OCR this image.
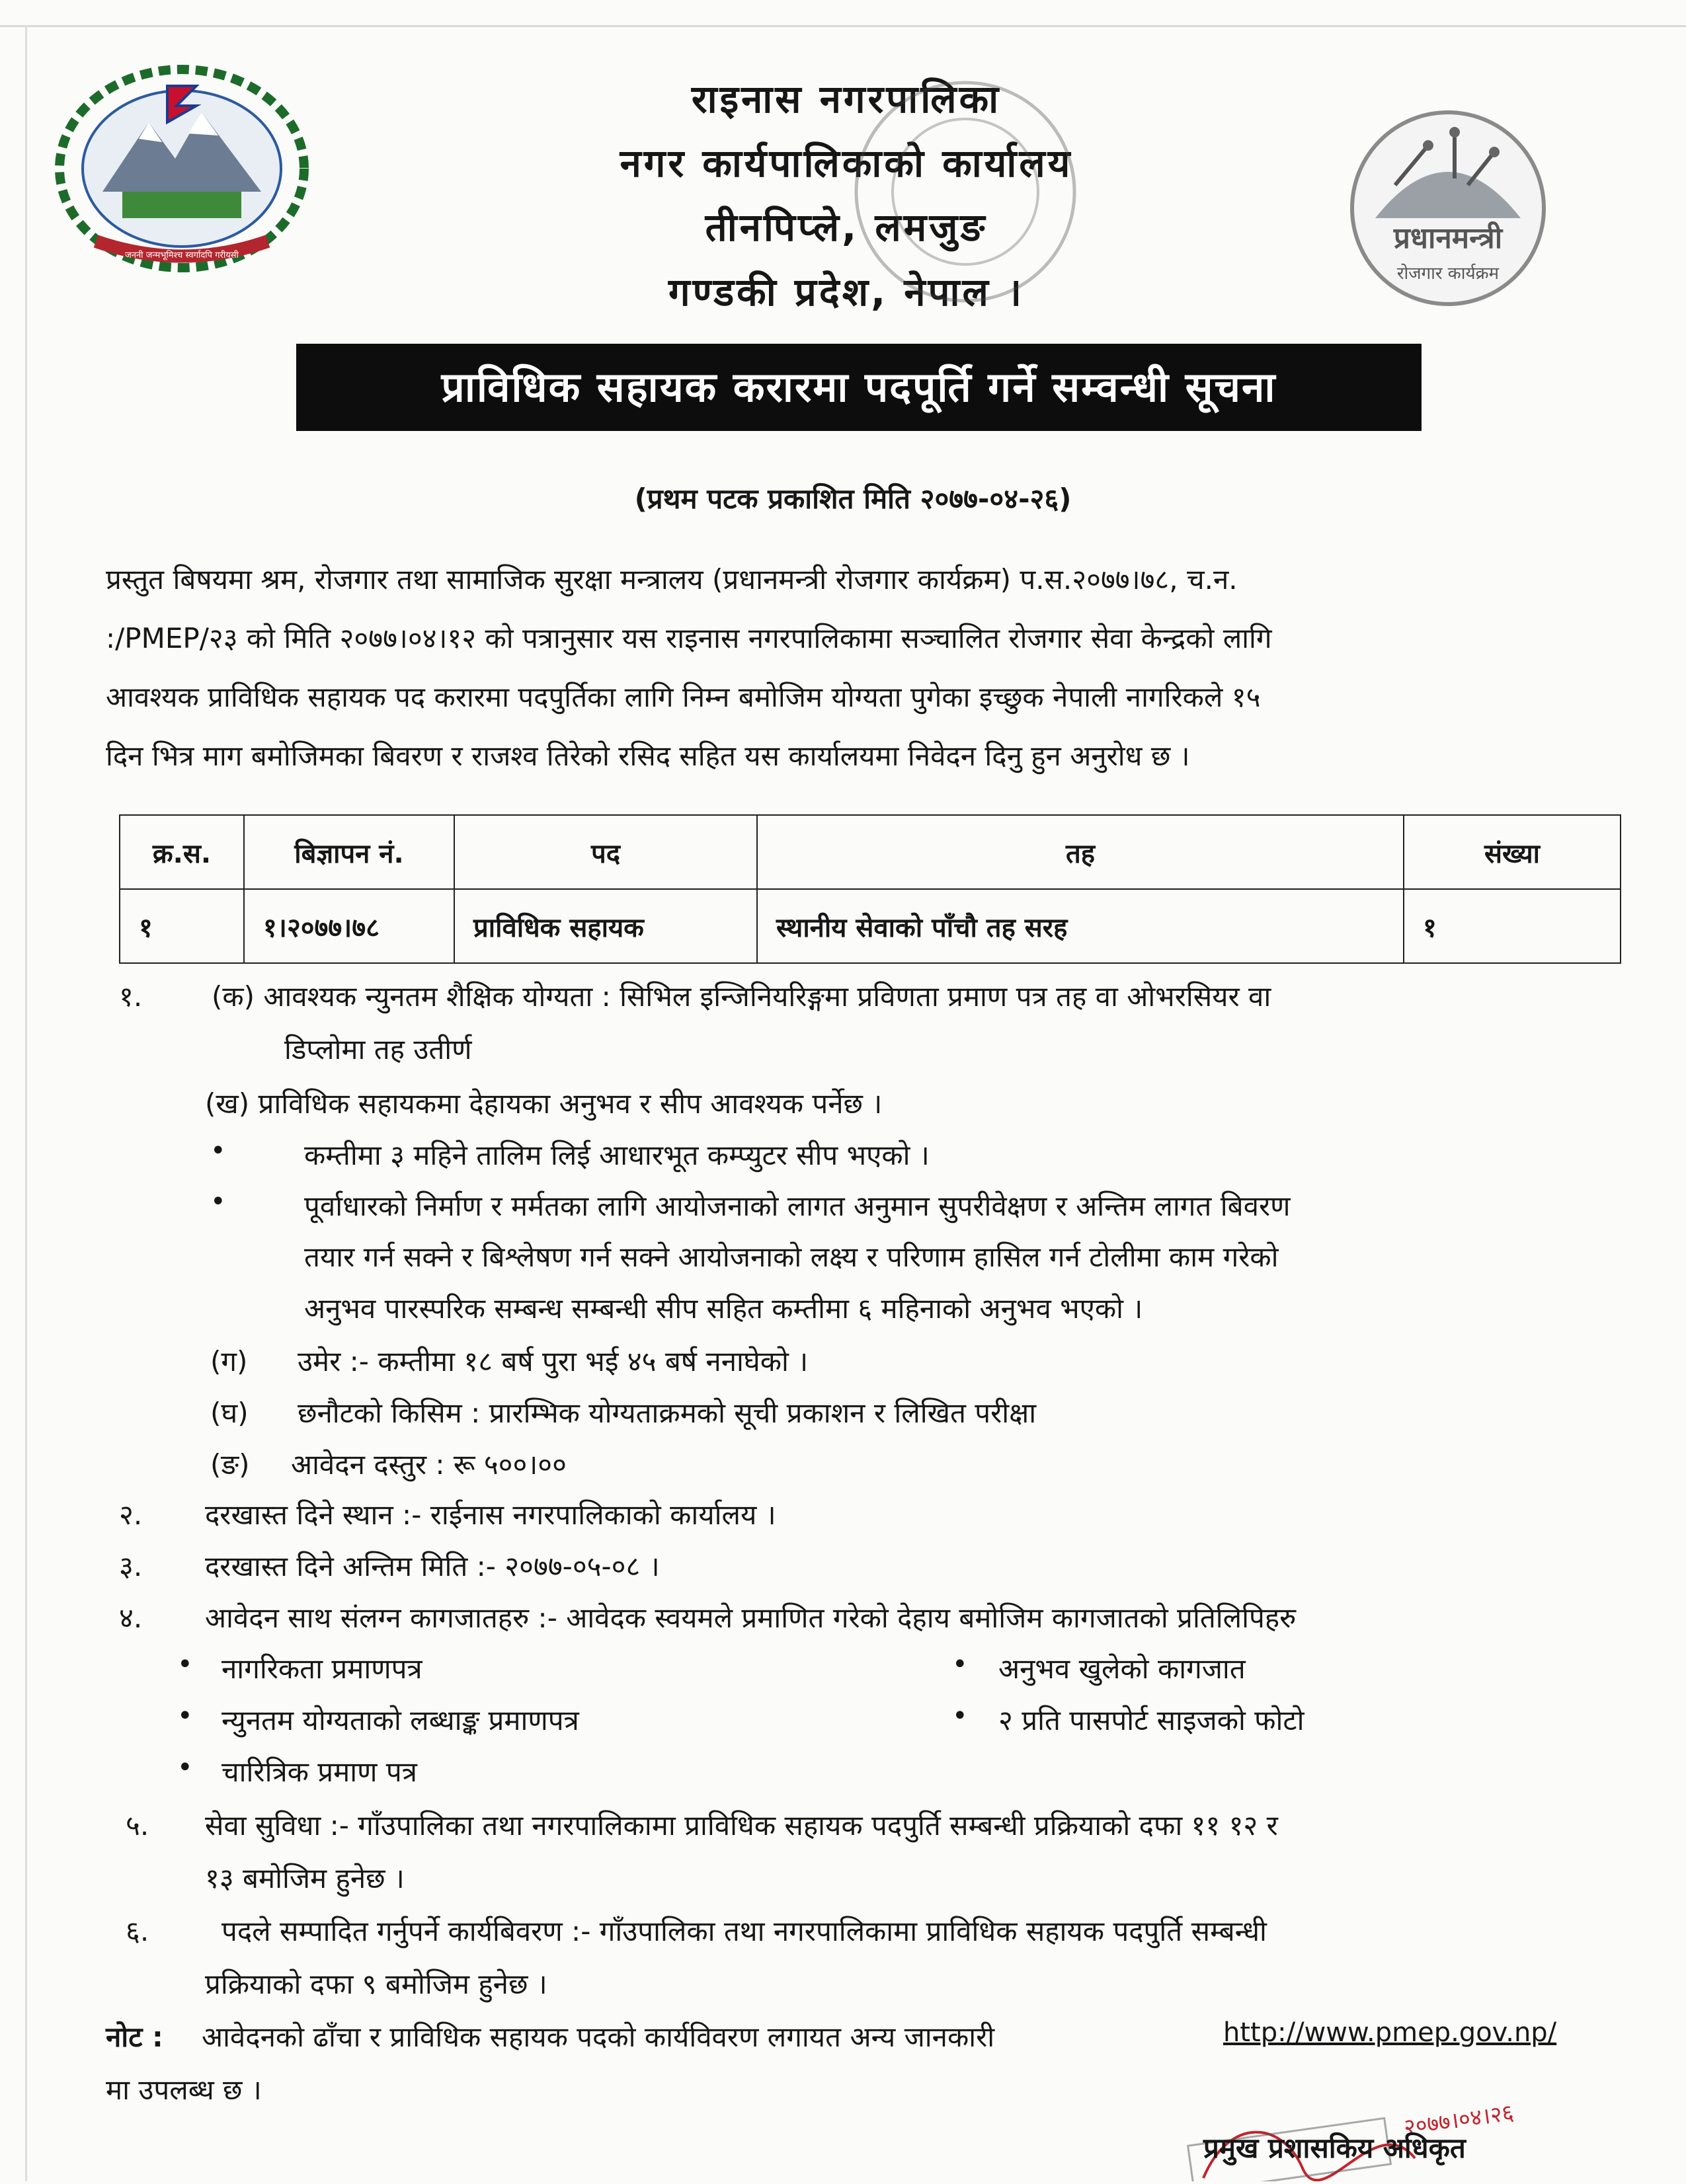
जननी जन्मभूमिश्च स्वर्गादपि गरीयसी
राइनास नगरपालिका
नगर कार्यपालिकाको कार्यालय
तीनपिप्ले, लमजुङ
गण्डकी प्रदेश, नेपाल ।
प्रधानमन्त्री
रोजगार कार्यक्रम
प्राविधिक सहायक करारमा पदपूर्ति गर्ने सम्वन्धी सूचना
(प्रथम पटक प्रकाशित मिति २०७७-०४-२६)
प्रस्तुत बिषयमा श्रम, रोजगार तथा सामाजिक सुरक्षा मन्त्रालय (प्रधानमन्त्री रोजगार कार्यक्रम) प.स.२०७७।७८, च.न.
:/PMEP/२३ को मिति २०७७।०४।१२ को पत्रानुसार यस राइनास नगरपालिकामा सञ्चालित रोजगार सेवा केन्द्रको लागि
आवश्यक प्राविधिक सहायक पद करारमा पदपुर्तिका लागि निम्न बमोजिम योग्यता पुगेका इच्छुक नेपाली नागरिकले १५
दिन भित्र माग बमोजिमका बिवरण र राजश्व तिरेको रसिद सहित यस कार्यालयमा निवेदन दिनु हुन अनुरोध छ ।
क्र.स.	बिज्ञापन नं.	पद	तह	संख्या
१	१।२०७७।७८	प्राविधिक सहायक	स्थानीय सेवाको पाँचौ तह सरह	१
१. (क) आवश्यक न्युनतम शैक्षिक योग्यता : सिभिल इन्जिनियरिङ्गमा प्रविणता प्रमाण पत्र तह वा ओभरसियर वा
डिप्लोमा तह उतीर्ण
(ख) प्राविधिक सहायकमा देहायका अनुभव र सीप आवश्यक पर्नेछ ।
•	कम्तीमा ३ महिने तालिम लिई आधारभूत कम्प्युटर सीप भएको ।
•	पूर्वाधारको निर्माण र मर्मतका लागि आयोजनाको लागत अनुमान सुपरीवेक्षण र अन्तिम लागत बिवरण
तयार गर्न सक्ने र बिश्लेषण गर्न सक्ने आयोजनाको लक्ष्य र परिणाम हासिल गर्न टोलीमा काम गरेको
अनुभव पारस्परिक सम्बन्ध सम्बन्धी सीप सहित कम्तीमा ६ महिनाको अनुभव भएको ।
(ग) उमेर :- कम्तीमा १८ बर्ष पुरा भई ४५ बर्ष ननाघेको ।
(घ) छनौटको किसिम : प्रारम्भिक योग्यताक्रमको सूची प्रकाशन र लिखित परीक्षा
(ङ) आवेदन दस्तुर : रू ५००।००
२. दरखास्त दिने स्थान :- राईनास नगरपालिकाको कार्यालय ।
३. दरखास्त दिने अन्तिम मिति :- २०७७-०५-०८ ।
४. आवेदन साथ संलग्न कागजातहरु :- आवेदक स्वयमले प्रमाणित गरेको देहाय बमोजिम कागजातको प्रतिलिपिहरु
• नागरिकता प्रमाणपत्र
• न्युनतम योग्यताको लब्धाङ्क प्रमाणपत्र
• चारित्रिक प्रमाण पत्र
• अनुभव खुलेको कागजात
• २ प्रति पासपोर्ट साइजको फोटो
५. सेवा सुविधा :- गाँउपालिका तथा नगरपालिकामा प्राविधिक सहायक पदपुर्ति सम्बन्धी प्रक्रियाको दफा ११ १२ र
१३ बमोजिम हुनेछ ।
६.	पदले सम्पादित गर्नुपर्ने कार्यबिवरण :- गाँउपालिका तथा नगरपालिकामा प्राविधिक सहायक पदपुर्ति सम्बन्धी
प्रक्रियाको दफा ९ बमोजिम हुनेछ ।
नोट : आवेदनको ढाँचा र प्राविधिक सहायक पदको कार्यविवरण लगायत अन्य जानकारी	http://www.pmep.gov.np/
मा उपलब्ध छ ।
२०७७।०४।२६
प्रमुख प्रशासकिय अधिकृत
